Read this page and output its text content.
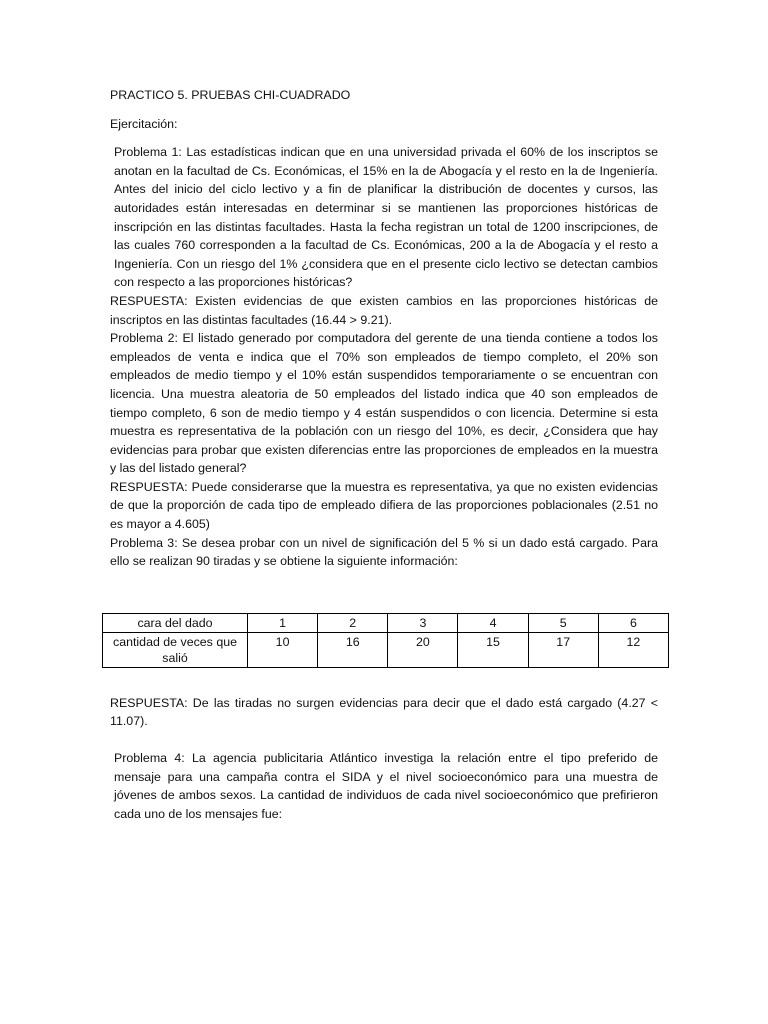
PRACTICO 5. PRUEBAS CHI-CUADRADO
Ejercitación:

Problema 1: Las estadísticas indican que en una universidad privada el 60% de los inscriptos se anotan en la facultad de Cs. Económicas, el 15% en la de Abogacía y el resto en la de Ingeniería. Antes del inicio del ciclo lectivo y a fin de planificar la distribución de docentes y cursos, las autoridades están interesadas en determinar si se mantienen las proporciones históricas de inscripción en las distintas facultades. Hasta la fecha registran un total de 1200 inscripciones, de las cuales 760 corresponden a la facultad de Cs. Económicas, 200 a la de Abogacía y el resto a Ingeniería. Con un riesgo del 1% ¿considera que en el presente ciclo lectivo se detectan cambios con respecto a las proporciones históricas?

RESPUESTA: Existen evidencias de que existen cambios en las proporciones históricas de inscriptos en las distintas facultades (16.44 > 9.21).

Problema 2: El listado generado por computadora del gerente de una tienda contiene a todos los empleados de venta e indica que el 70% son empleados de tiempo completo, el 20% son empleados de medio tiempo y el 10% están suspendidos temporariamente o se encuentran con licencia. Una muestra aleatoria de 50 empleados del listado indica que 40 son empleados de tiempo completo, 6 son de medio tiempo y 4 están suspendidos o con licencia. Determine si esta muestra es representativa de la población con un riesgo del 10%, es decir, ¿Considera que hay evidencias para probar que existen diferencias entre las proporciones de empleados en la muestra y las del listado general?

RESPUESTA: Puede considerarse que la muestra es representativa, ya que no existen evidencias de que la proporción de cada tipo de empleado difiera de las proporciones poblacionales (2.51 no es mayor a 4.605)

Problema 3: Se desea probar con un nivel de significación del 5 % si un dado está cargado. Para ello se realizan 90 tiradas y se obtiene la siguiente información:

cara del dado	1	2	3	4	5	6
cantidad de veces que salió	10	16	20	15	17	12

RESPUESTA: De las tiradas no surgen evidencias para decir que el dado está cargado (4.27 < 11.07).

Problema 4: La agencia publicitaria Atlántico investiga la relación entre el tipo preferido de mensaje para una campaña contra el SIDA y el nivel socioeconómico para una muestra de jóvenes de ambos sexos. La cantidad de individuos de cada nivel socioeconómico que prefirieron cada uno de los mensajes fue:
